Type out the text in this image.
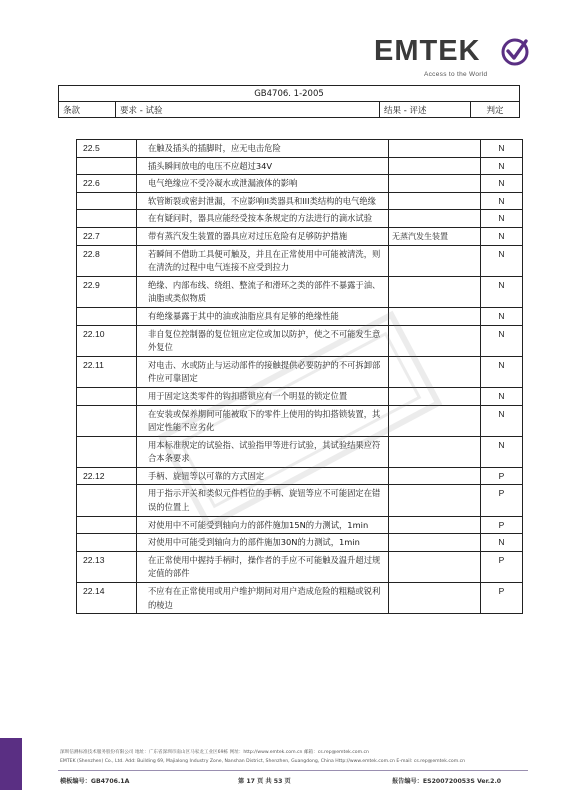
EMTEK
Access to the World
GB4706. 1-2005
条款	要求 - 试验	结果 - 评述	判定
22.5	在触及插头的插脚时，应无电击危险		N
	插头瞬间放电的电压不应超过34V		N
22.6	电气绝缘应不受冷凝水或泄漏液体的影响		N
	软管断裂或密封泄漏，不应影响II类器具和III类结构的电气绝缘		N
	在有疑问时，器具应能经受按本条规定的方法进行的滴水试验		N
22.7	带有蒸汽发生装置的器具应对过压危险有足够防护措施	无蒸汽发生装置	N
22.8	若瞬间不借助工具便可触及，并且在正常使用中可能被清洗，则在清洗的过程中电气连接不应受到拉力		N
22.9	绝缘、内部布线、绕组、整流子和滑环之类的部件不暴露于油、油脂或类似物质		N
	有绝缘暴露于其中的油或油脂应具有足够的绝缘性能		N
22.10	非自复位控制器的复位钮应定位或加以防护，使之不可能发生意外复位		N
22.11	对电击、水或防止与运动部件的接触提供必要防护的不可拆卸部件应可靠固定		N
	用于固定这类零件的钩扣搭锁应有一个明显的锁定位置		N
	在安装或保养期间可能被取下的零件上使用的钩扣搭锁装置，其固定性能不应劣化		N
	用本标准规定的试验指、试验指甲等进行试验，其试验结果应符合本条要求		N
22.12	手柄、旋钮等以可靠的方式固定		P
	用于指示开关和类似元件档位的手柄、旋钮等应不可能固定在错误的位置上		P
	对使用中不可能受到轴向力的部件施加15N的力测试，1min		P
	对使用中可能受到轴向力的部件施加30N的力测试，1min		N
22.13	在正常使用中握持手柄时，操作者的手应不可能触及温升超过规定值的部件		P
22.14	不应有在正常使用或用户维护期间对用户造成危险的粗糙或锐利的棱边		P
深圳信测标准技术服务股份有限公司 地址：广东省深圳市南山区马家龙工业区69栋 网址：http://www.emtek.com.cn 邮箱：cs.rep@emtek.com.cn
EMTEK (Shenzhen) Co., Ltd. Add: Building 69, Majialong Industry Zone, Nanshan District, Shenzhen, Guangdong, China Http://www.emtek.com.cn E-mail: cs.rep@emtek.com.cn
模板编号：GB4706.1A	第 17 页 共 53 页	报告编号：ES200720053S Ver.2.0
